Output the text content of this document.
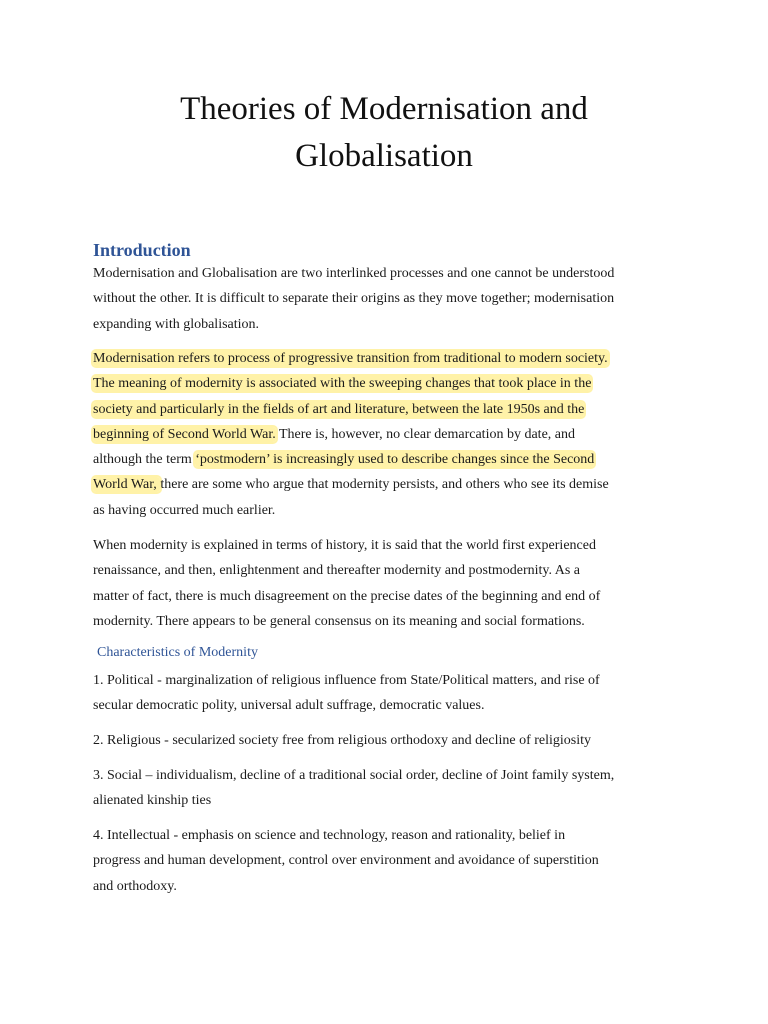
Theories of Modernisation and
Globalisation
Introduction

Modernisation and Globalisation are two interlinked processes and one cannot be understood
without the other. It is difficult to separate their origins as they move together; modernisation
expanding with globalisation.

Modernisation refers to process of progressive transition from traditional to modern society.
The meaning of modernity is associated with the sweeping changes that took place in the
society and particularly in the fields of art and literature, between the late 1950s and the
beginning of Second World War. There is, however, no clear demarcation by date, and
although the term ‘postmodern’ is increasingly used to describe changes since the Second
World War, there are some who argue that modernity persists, and others who see its demise
as having occurred much earlier.

When modernity is explained in terms of history, it is said that the world first experienced
renaissance, and then, enlightenment and thereafter modernity and postmodernity. As a
matter of fact, there is much disagreement on the precise dates of the beginning and end of
modernity. There appears to be general consensus on its meaning and social formations.

Characteristics of Modernity

1. Political - marginalization of religious influence from State/Political matters, and rise of
secular democratic polity, universal adult suffrage, democratic values.

2. Religious - secularized society free from religious orthodoxy and decline of religiosity

3. Social – individualism, decline of a traditional social order, decline of Joint family system,
alienated kinship ties

4. Intellectual - emphasis on science and technology, reason and rationality, belief in
progress and human development, control over environment and avoidance of superstition
and orthodoxy.
